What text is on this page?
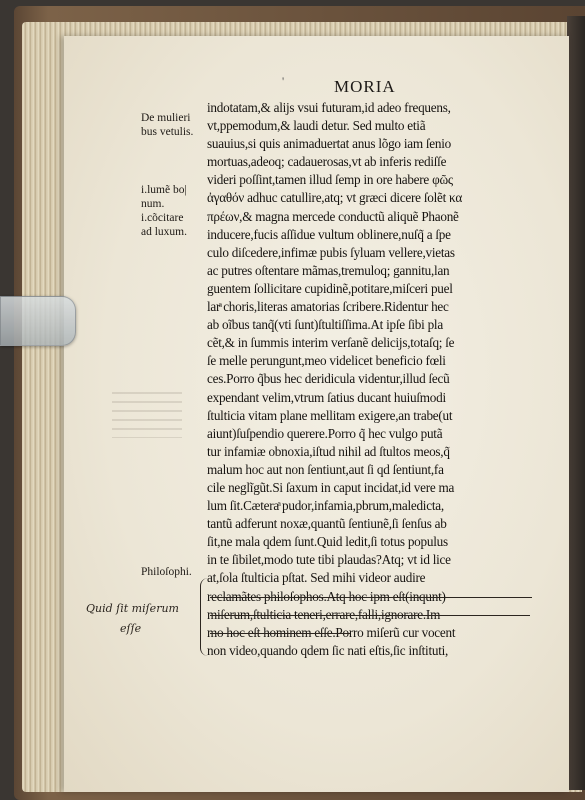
'	MORIA
indotatam,& alijs vsui futuram,id adeo frequens,
vt,ppemodum,& laudi detur. Sed multo etiã
suauius,si quis animaduertat anus lõgo iam ſenio
mortuas,adeoq; cadauerosas,vt ab inferis rediſſe
videri poſſint,tamen illud ſemp in ore habere φῶς
ἀγαθόν adhuc catullire,atq; vt græci dicere ſolẽt κα
πρέων,& magna mercede conductũ aliquẽ Phaonẽ
inducere,fucis aſſidue vultum oblinere,nuſq̃ a ſpe
culo diſcedere,infimæ pubis ſyluam vellere,vietas
ac putres oſtentare mãmas,tremuloq; gannitu,lan
guentem ſollicitare cupidinẽ,potitare,miſceri puel
larͣ choris,literas amatorias ſcribere.Ridentur hec
ab oĩbus tanq̃(vti ſunt)ſtultiſſima.At ipſe ſibi pla
cẽt,& in ſummis interim verſanẽ delicijs,totaſq; ſe
ſe melle perungunt,meo videlicet beneficio fœli
ces.Porro q̃bus hec deridicula videntur,illud ſecũ
expendant velim,vtrum ſatius ducant huiuſmodi
ſtulticia vitam plane mellitam exigere,an trabe(ut
aiunt)ſuſpendio querere.Porro q̃ hec vulgo putã
tur infamiæ obnoxia,iſtud nihil ad ſtultos meos,q̃
malum hoc aut non ſentiunt,aut ſi qd ſentiunt,fa
cile neglĩgũt.Si ſaxum in caput incidat,id vere ma
lum ſit.Cæteraͣ pudor,infamia,pbrum,maledicta,
tantũ adferunt noxæ,quantũ ſentiunẽ,ſi ſenſus ab
ſit,ne mala qdem ſunt.Quid ledit,ſi totus populus
in te ſibilet,modo tute tibi plaudas?Atq; vt id lice
at,ſola ſtulticia pſtat. Sed mihi videor audire
reclamãtes philoſophos.Atq hoc ipm eſt(inqunt)
miſerum,ſtulticia teneri,errare,falli,ignorare.Im
mo hoc eſt hominem eſſe.Porro miſerũ cur vocent
non video,quando qdem ſic nati eſtis,ſic inſtituti,
De mulieri
bus vetulis.
i.lumẽ bo|
num.
i.cõcitare
ad luxum.
Philoſophi.
Quid ſit miſerum
eſſe
